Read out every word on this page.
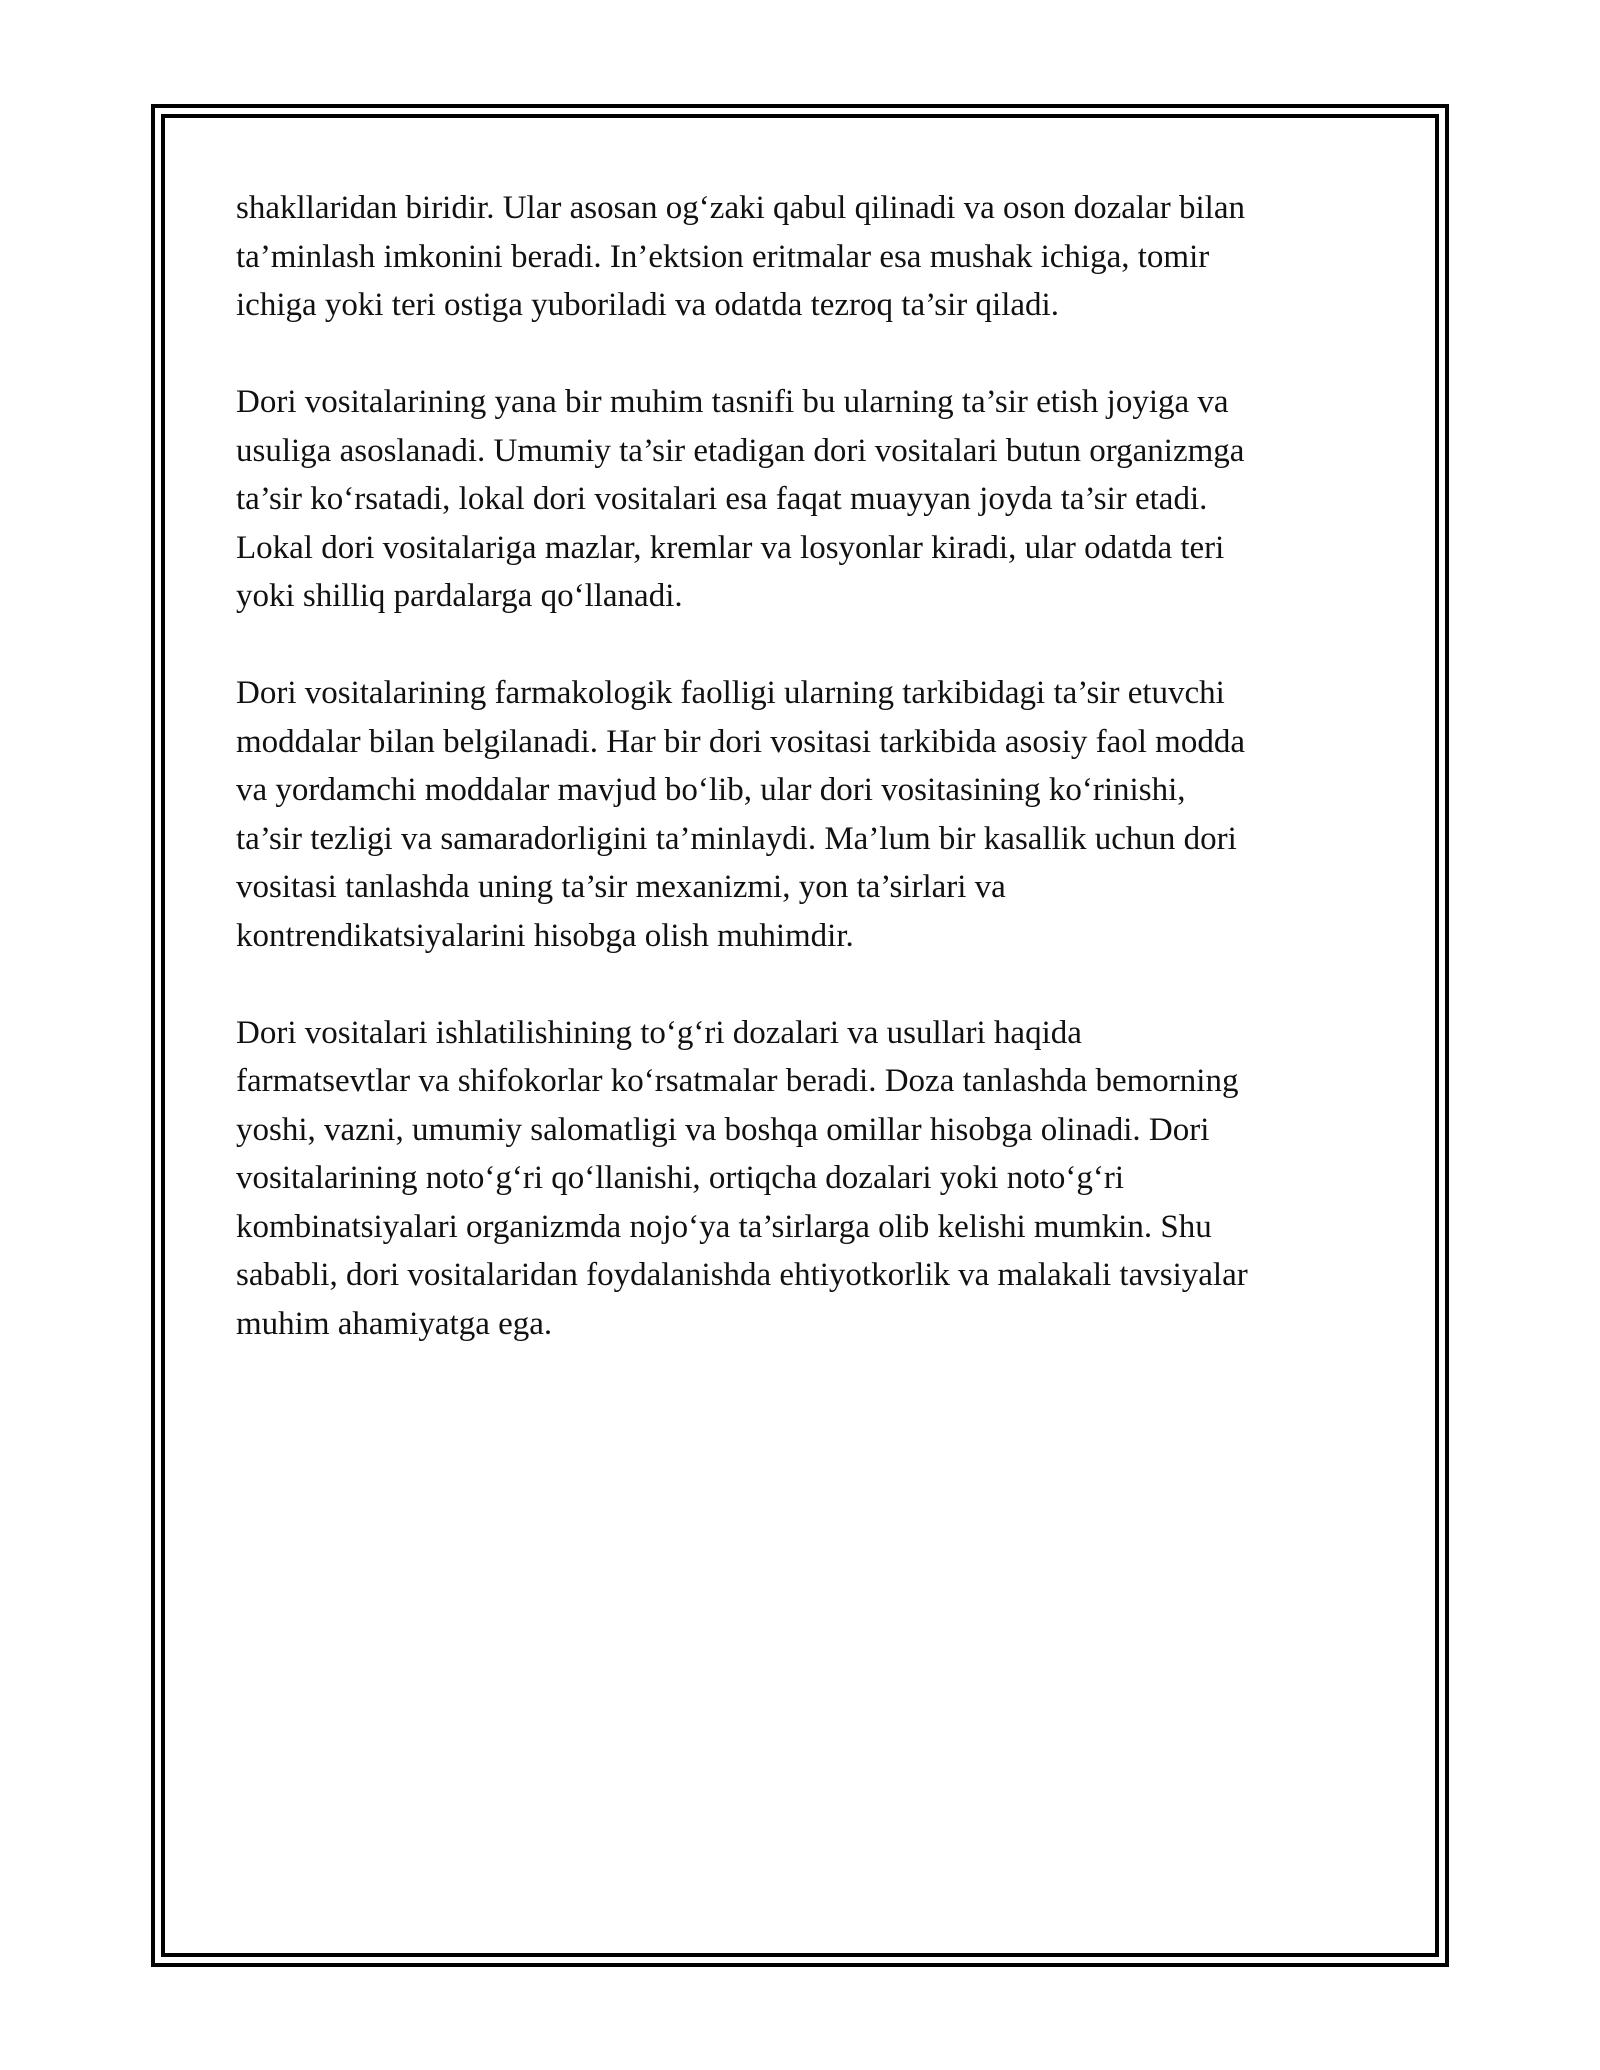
shakllaridan biridir. Ular asosan og‘zaki qabul qilinadi va oson dozalar bilan
ta’minlash imkonini beradi. In’ektsion eritmalar esa mushak ichiga, tomir
ichiga yoki teri ostiga yuboriladi va odatda tezroq ta’sir qiladi.

Dori vositalarining yana bir muhim tasnifi bu ularning ta’sir etish joyiga va
usuliga asoslanadi. Umumiy ta’sir etadigan dori vositalari butun organizmga
ta’sir ko‘rsatadi, lokal dori vositalari esa faqat muayyan joyda ta’sir etadi.
Lokal dori vositalariga mazlar, kremlar va losyonlar kiradi, ular odatda teri
yoki shilliq pardalarga qo‘llanadi.

Dori vositalarining farmakologik faolligi ularning tarkibidagi ta’sir etuvchi
moddalar bilan belgilanadi. Har bir dori vositasi tarkibida asosiy faol modda
va yordamchi moddalar mavjud bo‘lib, ular dori vositasining ko‘rinishi,
ta’sir tezligi va samaradorligini ta’minlaydi. Ma’lum bir kasallik uchun dori
vositasi tanlashda uning ta’sir mexanizmi, yon ta’sirlari va
kontrendikatsiyalarini hisobga olish muhimdir.

Dori vositalari ishlatilishining to‘g‘ri dozalari va usullari haqida
farmatsevtlar va shifokorlar ko‘rsatmalar beradi. Doza tanlashda bemorning
yoshi, vazni, umumiy salomatligi va boshqa omillar hisobga olinadi. Dori
vositalarining noto‘g‘ri qo‘llanishi, ortiqcha dozalari yoki noto‘g‘ri
kombinatsiyalari organizmda nojo‘ya ta’sirlarga olib kelishi mumkin. Shu
sababli, dori vositalaridan foydalanishda ehtiyotkorlik va malakali tavsiyalar
muhim ahamiyatga ega.
